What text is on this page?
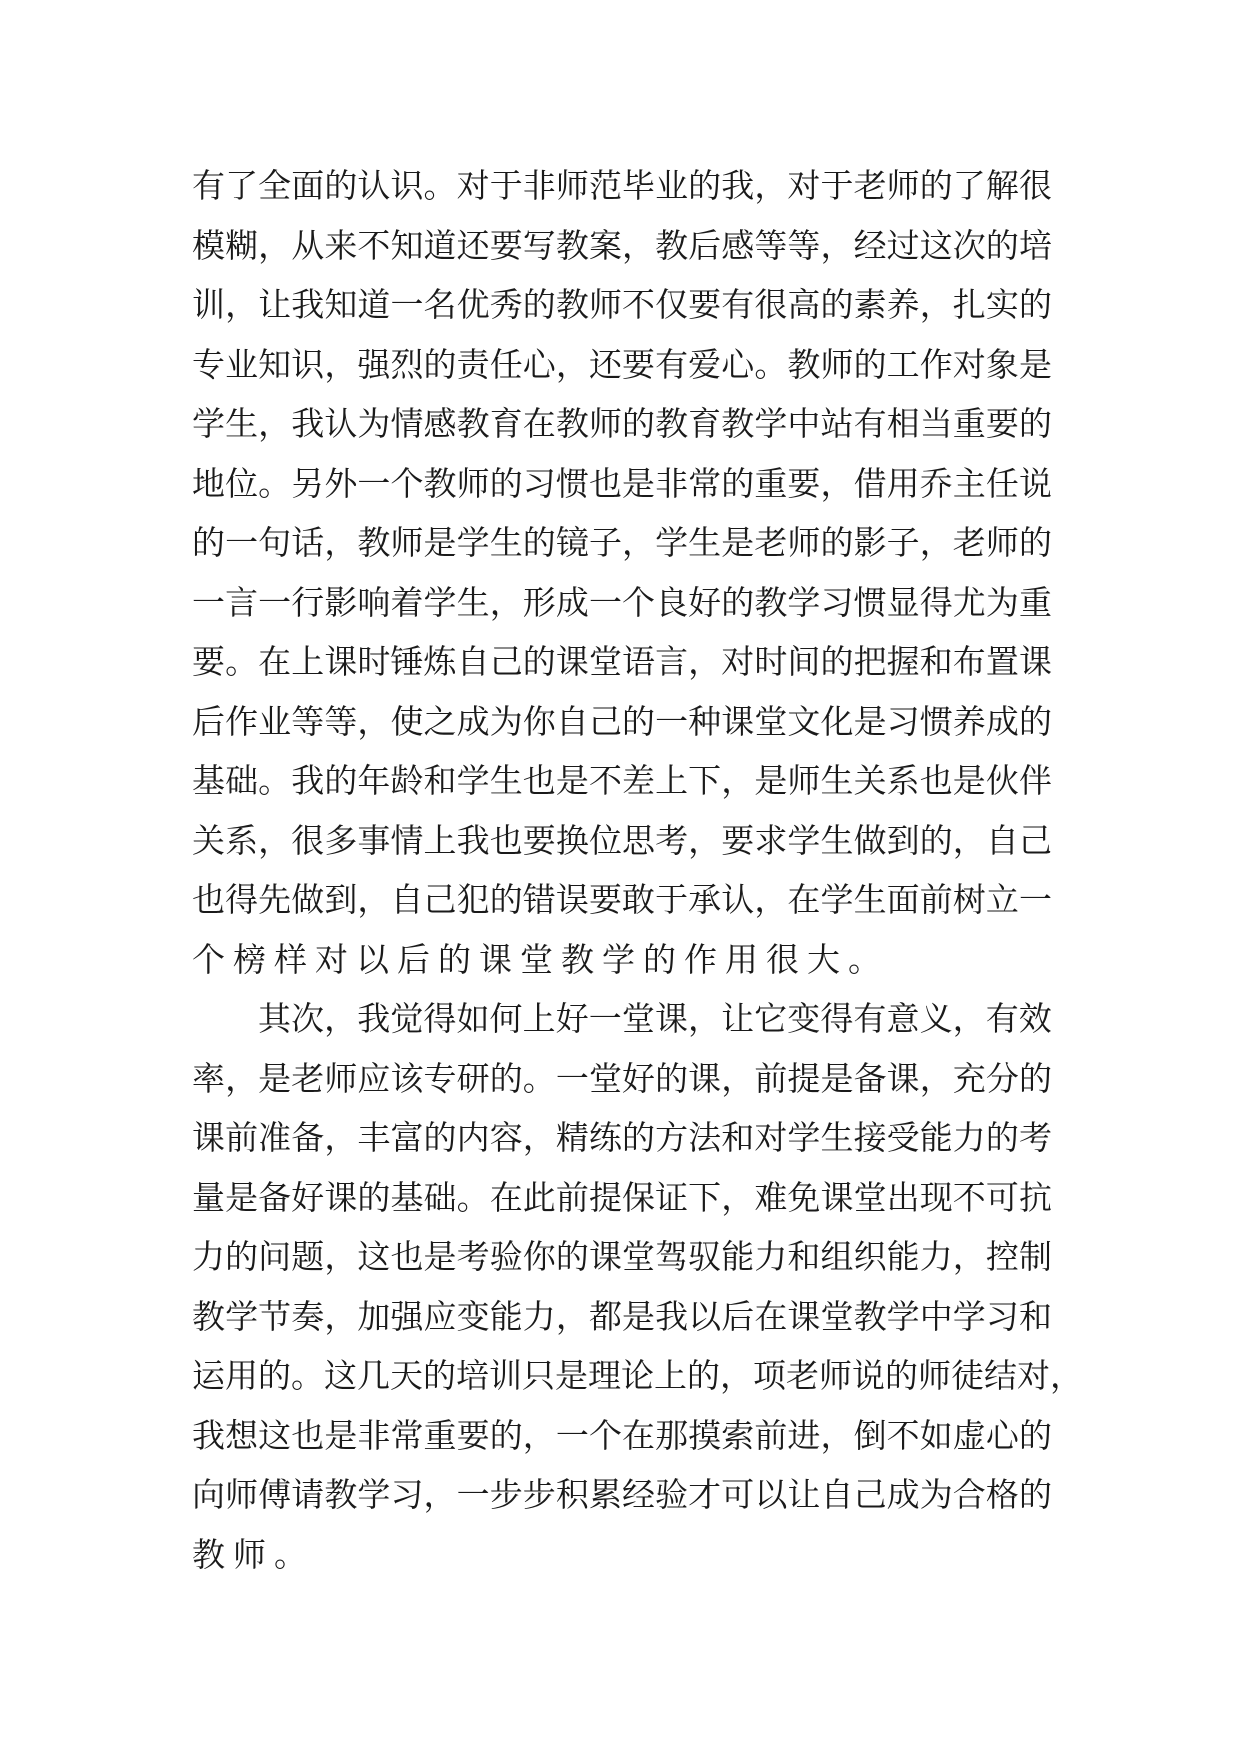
有 了 全 面 的 认 识 。 对 于 非 师 范 毕 业 的 我 ， 对 于 老 师 的 了 解 很
模 糊 ， 从 来 不 知 道 还 要 写 教 案 ， 教 后 感 等 等 ， 经 过 这 次 的 培
训 ， 让 我 知 道 一 名 优 秀 的 教 师 不 仅 要 有 很 高 的 素 养 ， 扎 实 的
专 业 知 识 ， 强 烈 的 责 任 心 ， 还 要 有 爱 心 。 教 师 的 工 作 对 象 是
学 生 ， 我 认 为 情 感 教 育 在 教 师 的 教 育 教 学 中 站 有 相 当 重 要 的
地 位 。 另 外 一 个 教 师 的 习 惯 也 是 非 常 的 重 要 ， 借 用 乔 主 任 说
的 一 句 话 ， 教 师 是 学 生 的 镜 子 ， 学 生 是 老 师 的 影 子 ， 老 师 的
一 言 一 行 影 响 着 学 生 ， 形 成 一 个 良 好 的 教 学 习 惯 显 得 尤 为 重
要 。 在 上 课 时 锤 炼 自 己 的 课 堂 语 言 ， 对 时 间 的 把 握 和 布 置 课
后 作 业 等 等 ， 使 之 成 为 你 自 己 的 一 种 课 堂 文 化 是 习 惯 养 成 的
基 础 。 我 的 年 龄 和 学 生 也 是 不 差 上 下 ， 是 师 生 关 系 也 是 伙 伴
关 系 ， 很 多 事 情 上 我 也 要 换 位 思 考 ， 要 求 学 生 做 到 的 ， 自 己
也 得 先 做 到 ， 自 己 犯 的 错 误 要 敢 于 承 认 ， 在 学 生 面 前 树 立 一
个榜样对以后的课堂教学的作用很大。
其 次 ， 我 觉 得 如 何 上 好 一 堂 课 ， 让 它 变 得 有 意 义 ， 有 效
率 ， 是 老 师 应 该 专 研 的 。 一 堂 好 的 课 ， 前 提 是 备 课 ， 充 分 的
课 前 准 备 ， 丰 富 的 内 容 ， 精 练 的 方 法 和 对 学 生 接 受 能 力 的 考
量 是 备 好 课 的 基 础 。 在 此 前 提 保 证 下 ， 难 免 课 堂 出 现 不 可 抗
力 的 问 题 ， 这 也 是 考 验 你 的 课 堂 驾 驭 能 力 和 组 织 能 力 ， 控 制
教 学 节 奏 ， 加 强 应 变 能 力 ， 都 是 我 以 后 在 课 堂 教 学 中 学 习 和
运 用 的 。 这 几 天 的 培 训 只 是 理 论 上 的 ， 项 老 师 说 的 师 徒 结 对 ，
我 想 这 也 是 非 常 重 要 的 ， 一 个 在 那 摸 索 前 进 ， 倒 不 如 虚 心 的
向 师 傅 请 教 学 习 ， 一 步 步 积 累 经 验 才 可 以 让 自 己 成 为 合 格 的
教师。
